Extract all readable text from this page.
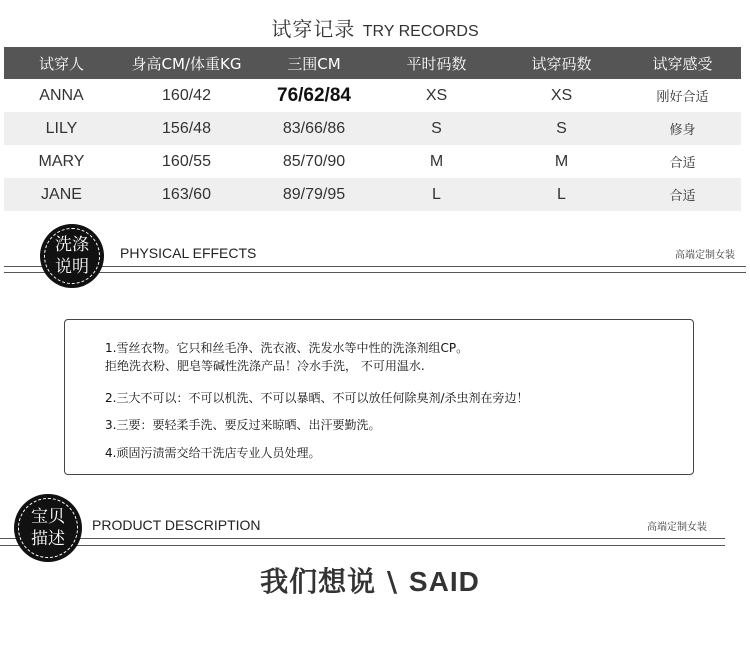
试穿记录 TRY RECORDS
试穿人	身高CM/体重KG	三围CM	平时码数	试穿码数	试穿感受
ANNA	160/42	76/62/84	XS	XS	刚好合适
LILY	156/48	83/66/86	S	S	修身
MARY	160/55	85/70/90	M	M	合适
JANE	163/60	89/79/95	L	L	合适
洗涤
说明
PHYSICAL EFFECTS	高端定制女装
1.雪丝衣物。它只和丝毛净、洗衣液、洗发水等中性的洗涤剂组CP。
拒绝洗衣粉、肥皂等碱性洗涤产品！冷水手洗， 不可用温水.
2.三大不可以：不可以机洗、不可以暴晒、不可以放任何除臭剂/杀虫剂在旁边！
3.三要：要轻柔手洗、要反过来晾晒、出汗要勤洗。
4.顽固污渍需交给干洗店专业人员处理。
宝贝
描述
PRODUCT DESCRIPTION	高端定制女装
我们想说 \ SAID
